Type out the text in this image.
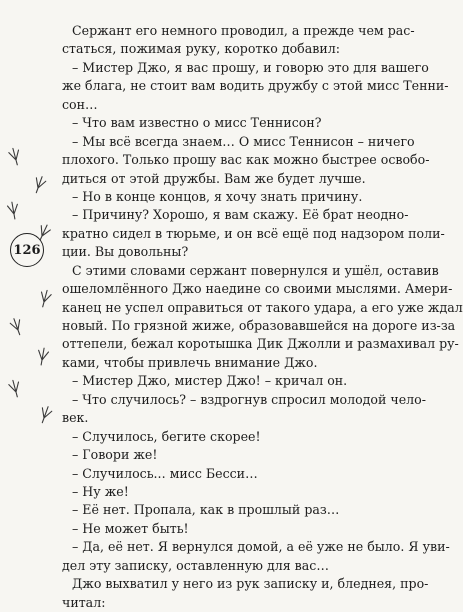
126
Сержант его немного проводил, а прежде чем рас-
статься, пожимая руку, коротко добавил:
– Мистер Джо, я вас прошу, и говорю это для вашего
же блага, не стоит вам водить дружбу с этой мисс Тенни-
сон…
– Что вам известно о мисс Теннисон?
– Мы всё всегда знаем… О мисс Теннисон – ничего
плохого. Только прошу вас как можно быстрее освобо-
диться от этой дружбы. Вам же будет лучше.
– Но в конце концов, я хочу знать причину.
– Причину? Хорошо, я вам скажу. Её брат неодно-
кратно сидел в тюрьме, и он всё ещё под надзором поли-
ции. Вы довольны?
С этими словами сержант повернулся и ушёл, оставив
ошеломлённого Джо наедине со своими мыслями. Амери-
канец не успел оправиться от такого удара, а его уже ждал
новый. По грязной жиже, образовавшейся на дороге из-за
оттепели, бежал коротышка Дик Джолли и размахивал ру-
ками, чтобы привлечь внимание Джо.
– Мистер Джо, мистер Джо! – кричал он.
– Что случилось? – вздрогнув спросил молодой чело-
век.
– Случилось, бегите скорее!
– Говори же!
– Случилось... мисс Бесси…
– Ну же!
– Её нет. Пропала, как в прошлый раз…
– Не может быть!
– Да, её нет. Я вернулся домой, а её уже не было. Я уви-
дел эту записку, оставленную для вас…
Джо выхватил у него из рук записку и, бледнея, про-
читал:
